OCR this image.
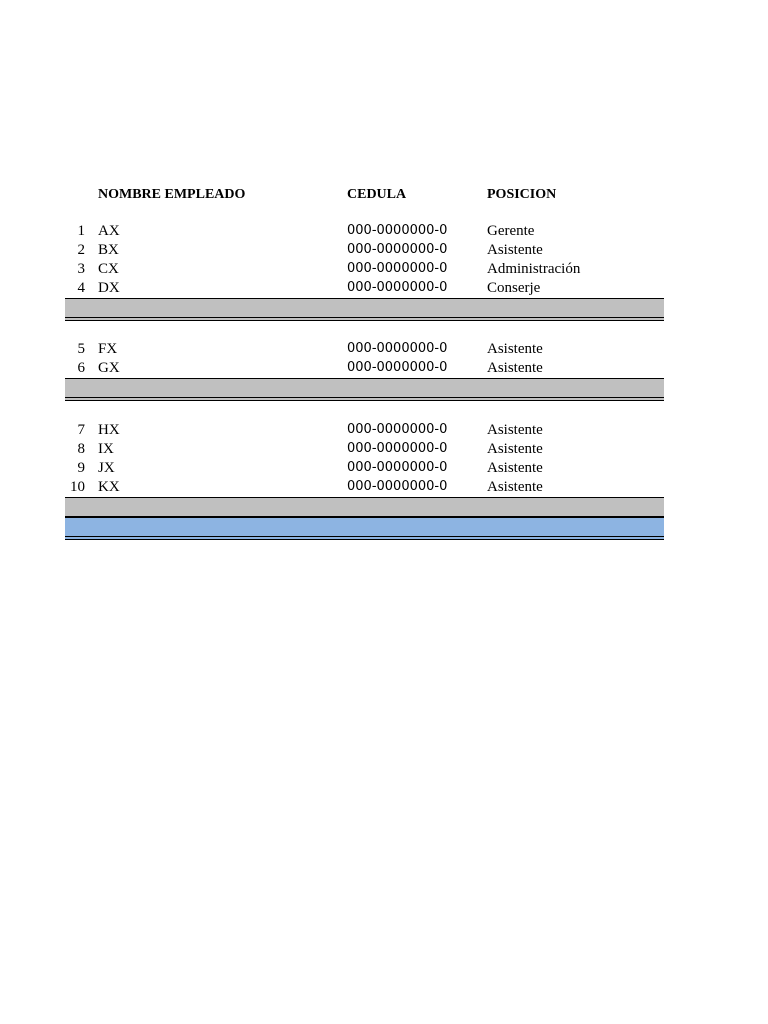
NOMBRE EMPLEADO	CEDULA	POSICION
1 AX	000-0000000-0	Gerente
2 BX	000-0000000-0	Asistente
3 CX	000-0000000-0	Administración
4 DX	000-0000000-0	Conserje
5 FX	000-0000000-0	Asistente
6 GX	000-0000000-0	Asistente
7 HX	000-0000000-0	Asistente
8 IX	000-0000000-0	Asistente
9 JX	000-0000000-0	Asistente
10 KX	000-0000000-0	Asistente
